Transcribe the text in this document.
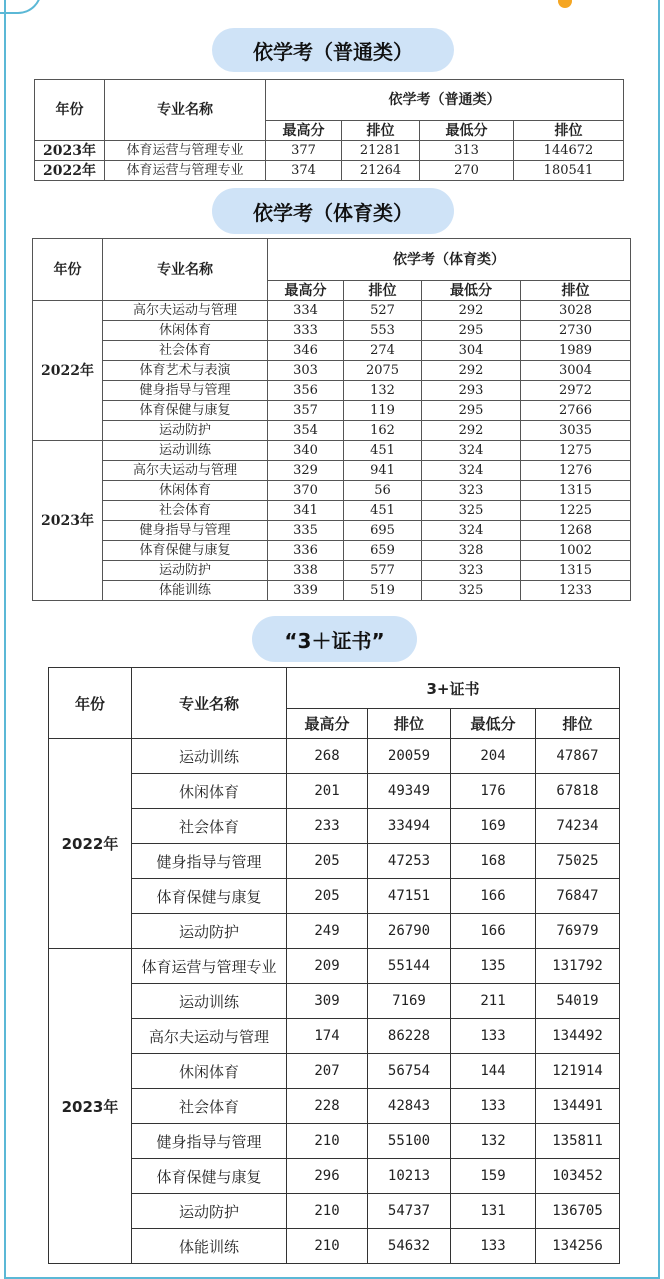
依学考（普通类）
年份	专业名称	依学考（普通类）			
		最高分	排位	最低分	排位
2023年	体育运营与管理专业	377	21281	313	144672
2022年	体育运营与管理专业	374	21264	270	180541
依学考（体育类）
年份	专业名称	依学考（体育类）			
		最高分	排位	最低分	排位
2022年	高尔夫运动与管理	334	527	292	3028
	休闲体育	333	553	295	2730
	社会体育	346	274	304	1989
	体育艺术与表演	303	2075	292	3004
	健身指导与管理	356	132	293	2972
	体育保健与康复	357	119	295	2766
	运动防护	354	162	292	3035
2023年	运动训练	340	451	324	1275
	高尔夫运动与管理	329	941	324	1276
	休闲体育	370	56	323	1315
	社会体育	341	451	325	1225
	健身指导与管理	335	695	324	1268
	体育保健与康复	336	659	328	1002
	运动防护	338	577	323	1315
	体能训练	339	519	325	1233
“3＋证书”
年份	专业名称	3+证书			
		最高分	排位	最低分	排位
2022年	运动训练	268	20059	204	47867
	休闲体育	201	49349	176	67818
	社会体育	233	33494	169	74234
	健身指导与管理	205	47253	168	75025
	体育保健与康复	205	47151	166	76847
	运动防护	249	26790	166	76979
2023年	体育运营与管理专业	209	55144	135	131792
	运动训练	309	7169	211	54019
	高尔夫运动与管理	174	86228	133	134492
	休闲体育	207	56754	144	121914
	社会体育	228	42843	133	134491
	健身指导与管理	210	55100	132	135811
	体育保健与康复	296	10213	159	103452
	运动防护	210	54737	131	136705
	体能训练	210	54632	133	134256
